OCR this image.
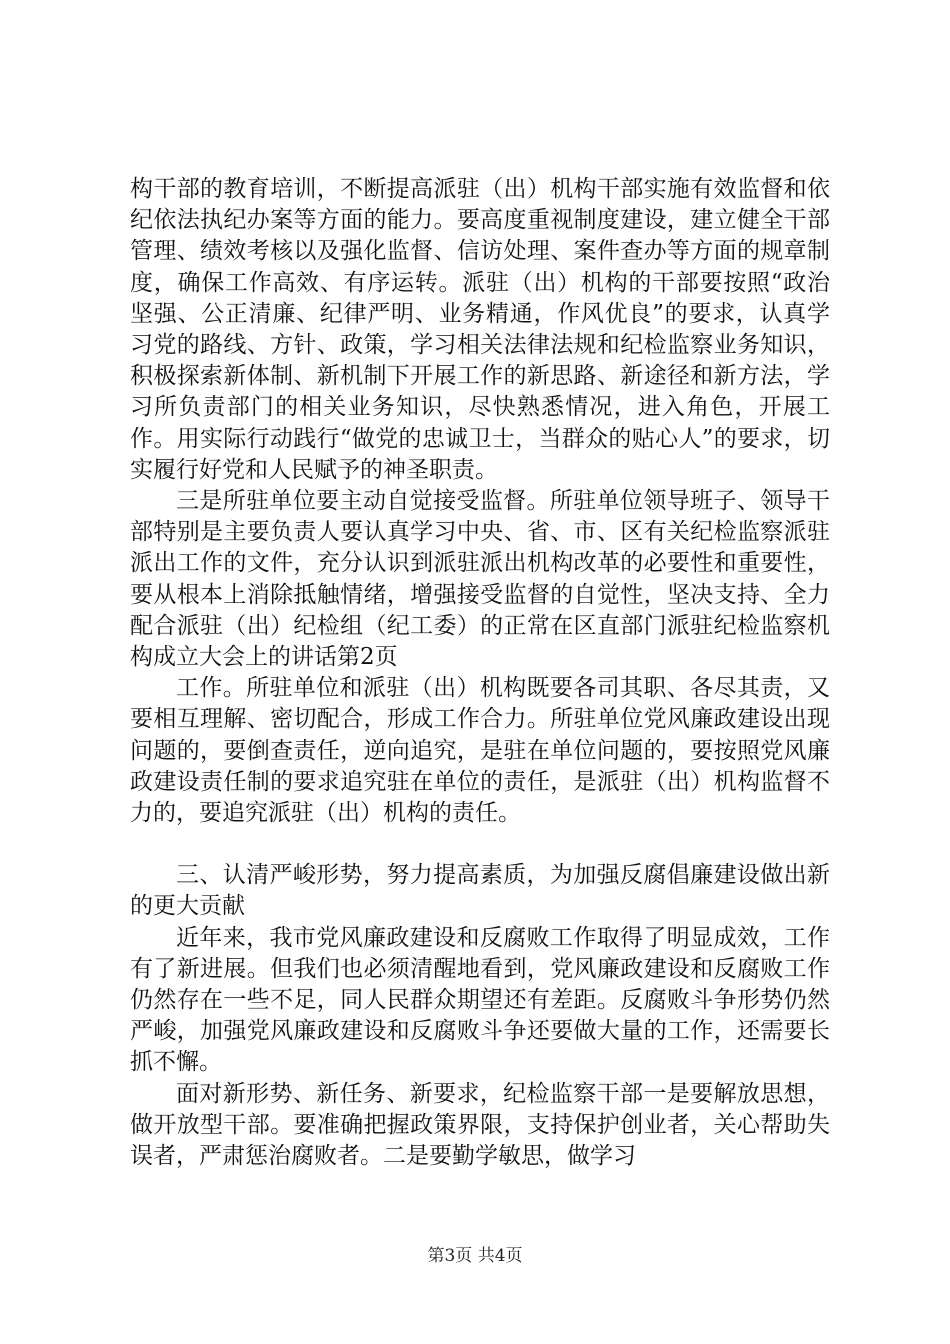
构干部的教育培训，不断提高派驻（出）机构干部实施有效监督和依纪依法执纪办案等方面的能力。要高度重视制度建设，建立健全干部管理、绩效考核以及强化监督、信访处理、案件查办等方面的规章制度，确保工作高效、有序运转。派驻（出）机构的干部要按照“政治坚强、公正清廉、纪律严明、业务精通，作风优良”的要求，认真学习党的路线、方针、政策，学习相关法律法规和纪检监察业务知识，积极探索新体制、新机制下开展工作的新思路、新途径和新方法，学习所负责部门的相关业务知识，尽快熟悉情况，进入角色，开展工作。用实际行动践行“做党的忠诚卫士，当群众的贴心人”的要求，切实履行好党和人民赋予的神圣职责。

三是所驻单位要主动自觉接受监督。所驻单位领导班子、领导干部特别是主要负责人要认真学习中央、省、市、区有关纪检监察派驻派出工作的文件，充分认识到派驻派出机构改革的必要性和重要性，要从根本上消除抵触情绪，增强接受监督的自觉性，坚决支持、全力配合派驻（出）纪检组（纪工委）的正常在区直部门派驻纪检监察机构成立大会上的讲话第2页

工作。所驻单位和派驻（出）机构既要各司其职、各尽其责，又要相互理解、密切配合，形成工作合力。所驻单位党风廉政建设出现问题的，要倒查责任，逆向追究，是驻在单位问题的，要按照党风廉政建设责任制的要求追究驻在单位的责任，是派驻（出）机构监督不力的，要追究派驻（出）机构的责任。

三、认清严峻形势，努力提高素质，为加强反腐倡廉建设做出新的更大贡献

近年来，我市党风廉政建设和反腐败工作取得了明显成效，工作有了新进展。但我们也必须清醒地看到，党风廉政建设和反腐败工作仍然存在一些不足，同人民群众期望还有差距。反腐败斗争形势仍然严峻，加强党风廉政建设和反腐败斗争还要做大量的工作，还需要长抓不懈。

面对新形势、新任务、新要求，纪检监察干部一是要解放思想，做开放型干部。要准确把握政策界限，支持保护创业者，关心帮助失误者，严肃惩治腐败者。二是要勤学敏思，做学习

第3页 共4页
